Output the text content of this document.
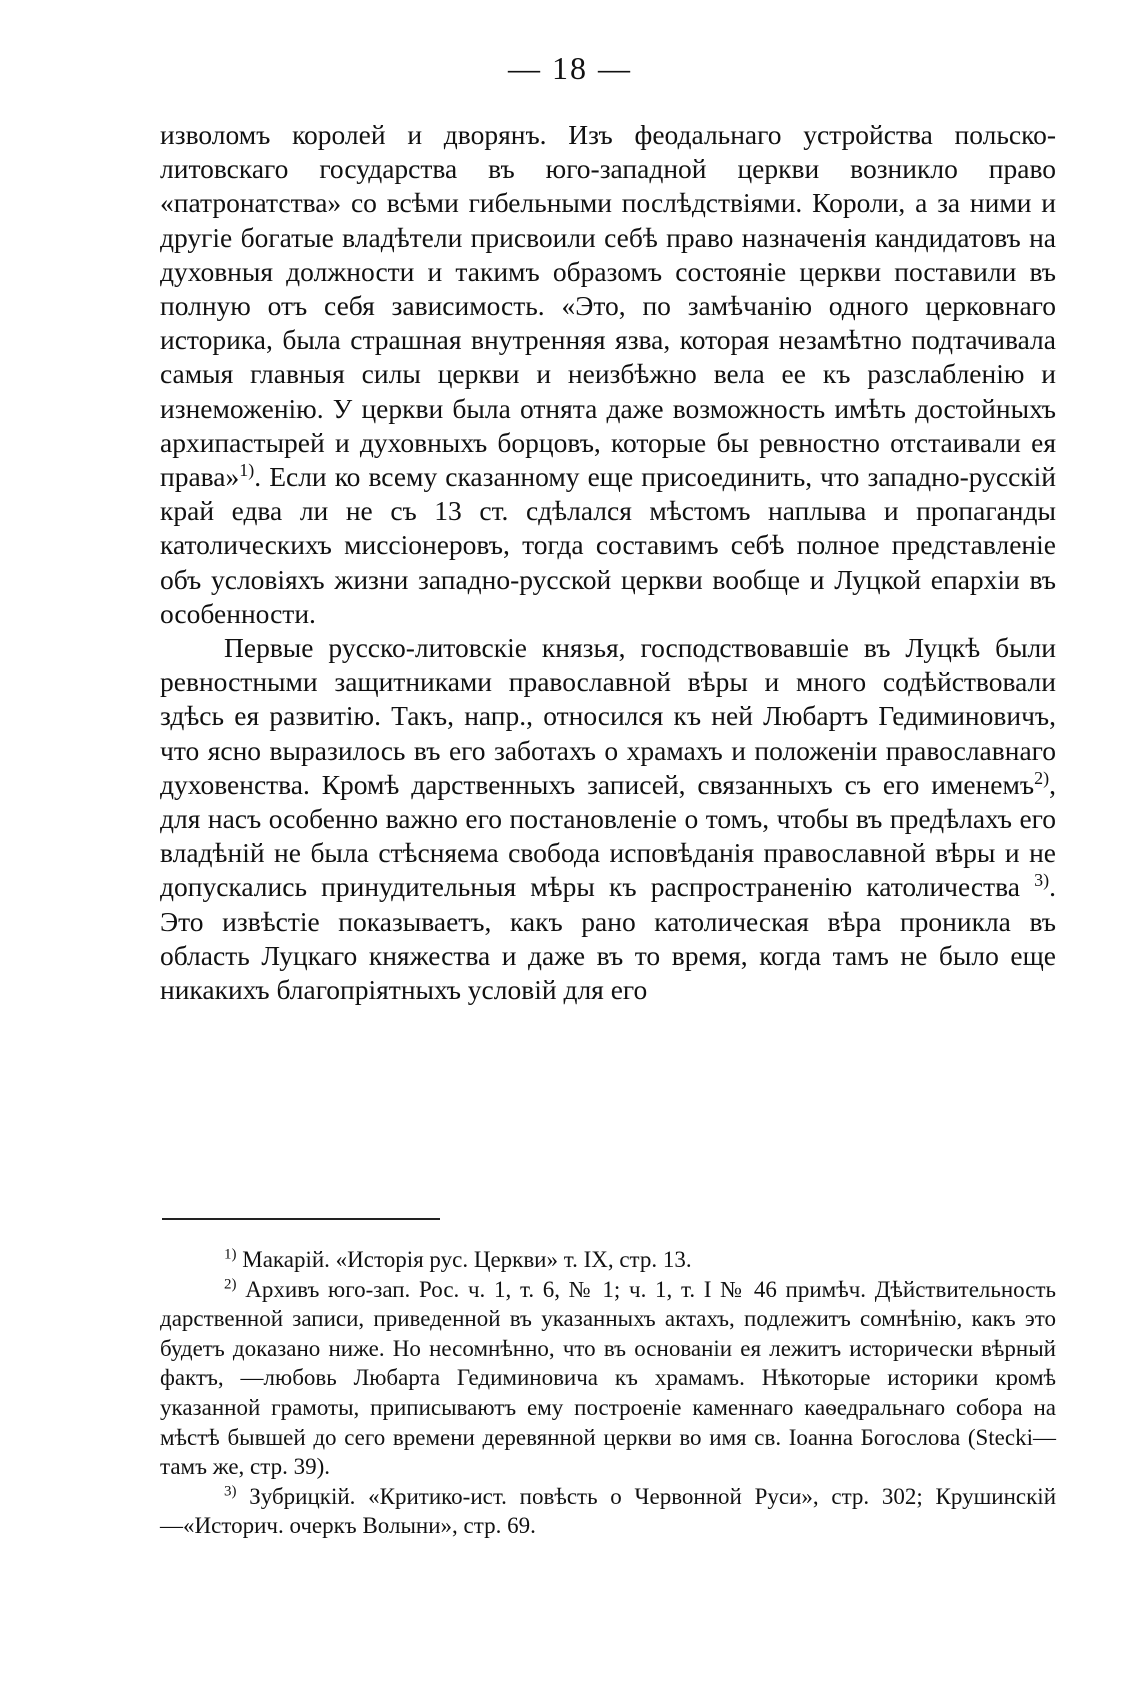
— 18 —

изволомъ королей и дворянъ. Изъ феодальнаго устройства польско-литовскаго государства въ юго-западной церкви возникло право «патронатства» со всѣми гибельными послѣдствіями. Короли, а за ними и другіе богатые владѣтели присвоили себѣ право назначенія кандидатовъ на духовныя должности и такимъ образомъ состояніе церкви поставили въ полную отъ себя зависимость. «Это, по замѣчанію одного церковнаго историка, была страшная внутренняя язва, которая незамѣтно подтачивала самыя главныя силы церкви и неизбѣжно вела ее къ разслабленію и изнеможенію. У церкви была отнята даже возможность имѣть достойныхъ архипастырей и духовныхъ борцовъ, которые бы ревностно отстаивали ея права»$^{1)}$. Если ко всему сказанному еще присоединить, что западно-русскій край едва ли не съ 13 ст. сдѣлался мѣстомъ наплыва и пропаганды католическихъ миссіонеровъ, тогда составимъ себѣ полное представленіе объ условіяхъ жизни западно-русской церкви вообще и Луцкой епархіи въ особенности.

Первые русско-литовскіе князья, господствовавшіе въ Луцкѣ были ревностными защитниками православной вѣры и много содѣйствовали здѣсь ея развитію. Такъ, напр., относился къ ней Любартъ Гедиминовичъ, что ясно выразилось въ его заботахъ о храмахъ и положеніи православнаго духовенства. Кромѣ дарственныхъ записей, связанныхъ съ его именемъ$^{2)}$, для насъ особенно важно его постановленіе о томъ, чтобы въ предѣлахъ его владѣній не была стѣсняема свобода исповѣданія православной вѣры и не допускались принудительныя мѣры къ распространенію католичества $^{3)}$. Это извѣстіе показываетъ, какъ рано католическая вѣра проникла въ область Луцкаго княжества и даже въ то время, когда тамъ не было еще никакихъ благопріятныхъ условій для его

$^{1)}$ Макарій. «Исторія рус. Церкви» т. IX, стр. 13.

$^{2)}$ Архивъ юго-зап. Рос. ч. 1, т. 6, № 1; ч. 1, т. I № 46 примѣч. Дѣйствительность дарственной записи, приведенной въ указанныхъ актахъ, подлежитъ сомнѣнію, какъ это будетъ доказано ниже. Но несомнѣнно, что въ основаніи ея лежитъ исторически вѣрный фактъ, —любовь Любарта Гедиминовича къ храмамъ. Нѣкоторые историки кромѣ указанной грамоты, приписываютъ ему построеніе каменнаго каѳедральнаго собора на мѣстѣ бывшей до сего времени деревянной церкви во имя св. Іоанна Богослова (Stecki—тамъ же, стр. 39).

$^{3)}$ Зубрицкій. «Критико-ист. повѣсть о Червонной Руси», стр. 302; Крушинскій—«Историч. очеркъ Волыни», стр. 69.
